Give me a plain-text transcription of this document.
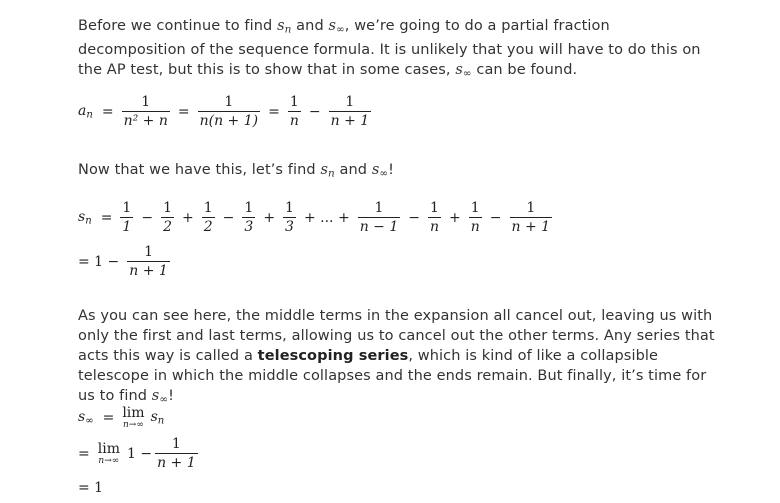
Before we continue to find $s_n$ and $s_\infty$, we’re going to do a partial fraction decomposition of the sequence formula. It is unlikely that you will have to do this on the AP test, but this is to show that in some cases, $s_\infty$ can be found.
$a_n = \frac{1}{\text{n² + n}} = \frac{1}{n(n + 1)} = \frac{1}{n} - \frac{1}{n + 1}$
Now that we have this, let’s find $s_n$ and $s_\infty$!
$s_n = \frac{1}{1} - \frac{1}{2} + \frac{1}{2} - \frac{1}{3} + \frac{1}{3}$ + ... + $\frac{1}{n - 1} - \frac{1}{n} + \frac{1}{n} - \frac{1}{n + 1}$
= $1 - \frac{1}{n + 1}$
As you can see here, the middle terms in the expansion all cancel out, leaving us with only the first and last terms, allowing us to cancel out the other terms. Any series that acts this way is called a telescoping series, which is kind of like a collapsible telescope in which the middle collapses and the ends remain. But finally, it’s time for us to find $s_\infty$!
$s_\infty = \lim$
n→∞
$s_n$
= lim
n→∞ $1 - \frac{1}{n + 1}$
= 1
